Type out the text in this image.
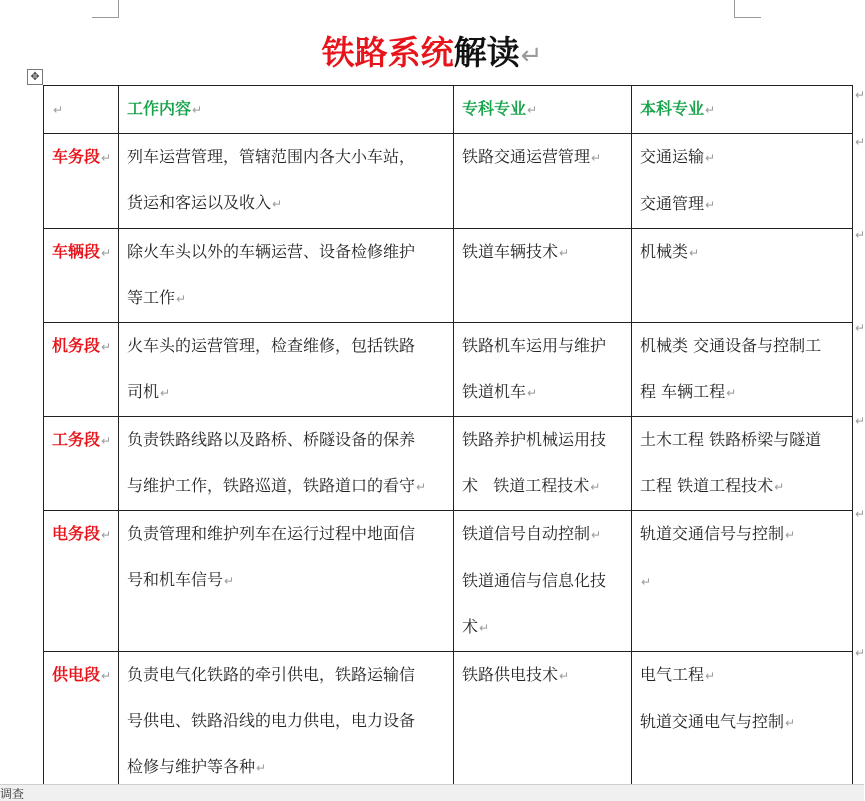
铁路系统解读↵
✥
↵	工作内容↵	专科专业↵	本科专业↵
车务段↵	列车运营管理，管辖范围内各大小车站，
货运和客运以及收入↵	铁路交通运营管理↵	交通运输↵
交通管理↵

车辆段↵	除火车头以外的车辆运营、设备检修维护
等工作↵	铁道车辆技术↵	机械类↵

机务段↵	火车头的运营管理，检查维修，包括铁路
司机↵	铁路机车运用与维护
铁道机车↵	机械类 交通设备与控制工
程 车辆工程↵

工务段↵	负责铁路线路以及路桥、桥隧设备的保养
与维护工作，铁路巡道，铁路道口的看守↵	铁路养护机械运用技
术   铁道工程技术↵	土木工程 铁路桥梁与隧道
工程 铁道工程技术↵

电务段↵	负责管理和维护列车在运行过程中地面信
号和机车信号↵	铁道信号自动控制↵
铁道通信与信息化技
术↵	轨道交通信号与控制↵
↵

供电段↵	负责电气化铁路的牵引供电，铁路运输信
号供电、铁路沿线的电力供电，电力设备
检修与维护等各种↵	铁路供电技术↵	电气工程↵
轨道交通电气与控制↵
↵
↵
↵
↵
↵
↵
↵
调查
